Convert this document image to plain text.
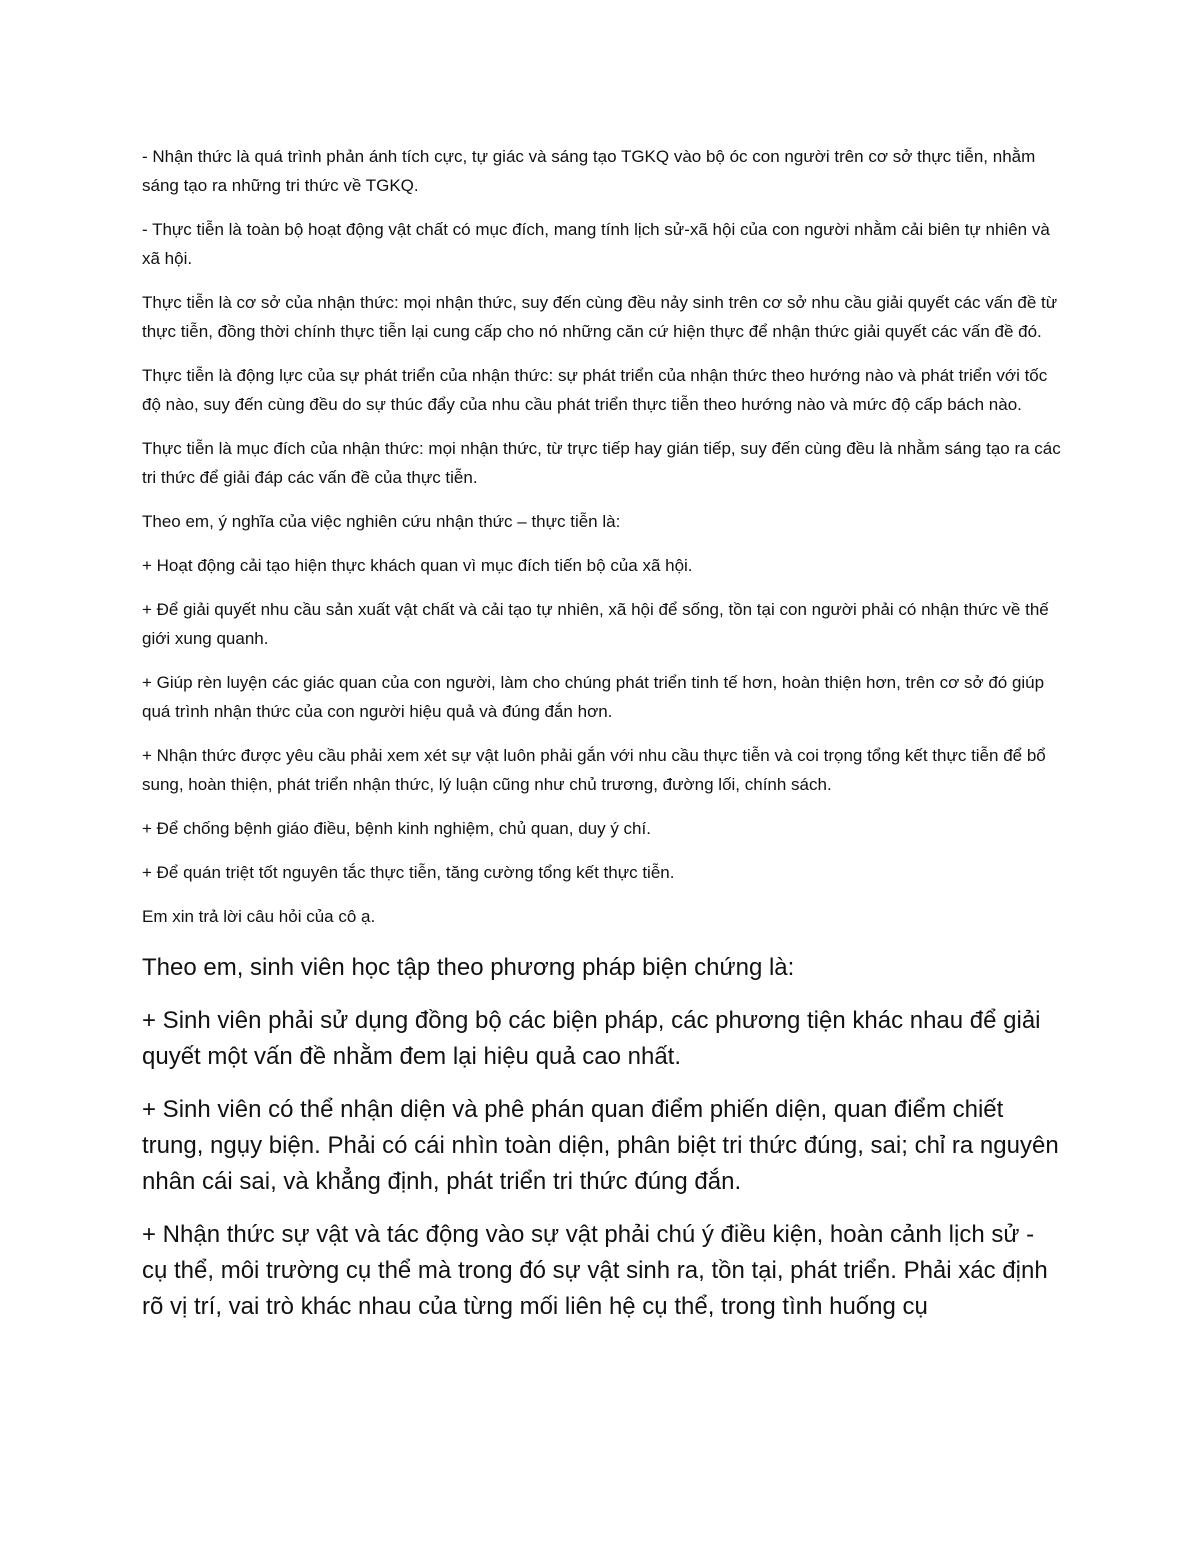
- Nhận thức là quá trình phản ánh tích cực, tự giác và sáng tạo TGKQ vào bộ óc con người trên cơ sở thực tiễn, nhằm sáng tạo ra những tri thức về TGKQ.

- Thực tiễn là toàn bộ hoạt động vật chất có mục đích, mang tính lịch sử-xã hội của con người nhằm cải biên tự nhiên và xã hội.

Thực tiễn là cơ sở của nhận thức: mọi nhận thức, suy đến cùng đều nảy sinh trên cơ sở nhu cầu giải quyết các vấn đề từ thực tiễn, đồng thời chính thực tiễn lại cung cấp cho nó những căn cứ hiện thực để nhận thức giải quyết các vấn đề đó.

Thực tiễn là động lực của sự phát triển của nhận thức: sự phát triển của nhận thức theo hướng nào và phát triển với tốc độ nào, suy đến cùng đều do sự thúc đẩy của nhu cầu phát triển thực tiễn theo hướng nào và mức độ cấp bách nào.

Thực tiễn là mục đích của nhận thức: mọi nhận thức, từ trực tiếp hay gián tiếp, suy đến cùng đều là nhằm sáng tạo ra các tri thức để giải đáp các vấn đề của thực tiễn.

Theo em, ý nghĩa của việc nghiên cứu nhận thức – thực tiễn là:

+ Hoạt động cải tạo hiện thực khách quan vì mục đích tiến bộ của xã hội.

+ Để giải quyết nhu cầu sản xuất vật chất và cải tạo tự nhiên, xã hội để sống, tồn tại con người phải có nhận thức về thế giới xung quanh.

+ Giúp rèn luyện các giác quan của con người, làm cho chúng phát triển tinh tế hơn, hoàn thiện hơn, trên cơ sở đó giúp quá trình nhận thức của con người hiệu quả và đúng đắn hơn.

+ Nhận thức được yêu cầu phải xem xét sự vật luôn phải gắn với nhu cầu thực tiễn và coi trọng tổng kết thực tiễn để bổ sung, hoàn thiện, phát triển nhận thức, lý luận cũng như chủ trương, đường lối, chính sách.

+ Để chống bệnh giáo điều, bệnh kinh nghiệm, chủ quan, duy ý chí.

+ Để quán triệt tốt nguyên tắc thực tiễn, tăng cường tổng kết thực tiễn.

Em xin trả lời câu hỏi của cô ạ.

Theo em, sinh viên học tập theo phương pháp biện chứng là:

+ Sinh viên phải sử dụng đồng bộ các biện pháp, các phương tiện khác nhau để giải quyết một vấn đề nhằm đem lại hiệu quả cao nhất.

+ Sinh viên có thể nhận diện và phê phán quan điểm phiến diện, quan điểm chiết trung, ngụy biện. Phải có cái nhìn toàn diện, phân biệt tri thức đúng, sai; chỉ ra nguyên nhân cái sai, và khẳng định, phát triển tri thức đúng đắn.

+ Nhận thức sự vật và tác động vào sự vật phải chú ý điều kiện, hoàn cảnh lịch sử - cụ thể, môi trường cụ thể mà trong đó sự vật sinh ra, tồn tại, phát triển. Phải xác định rõ vị trí, vai trò khác nhau của từng mối liên hệ cụ thể, trong tình huống cụ
